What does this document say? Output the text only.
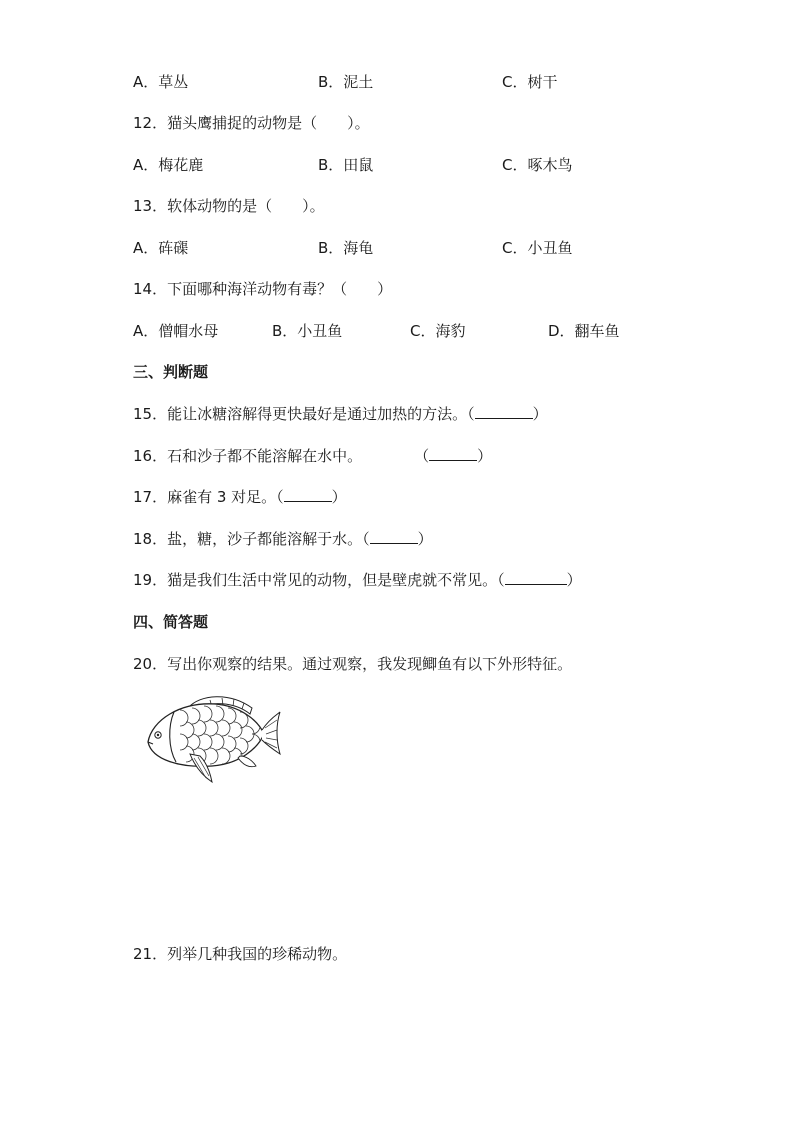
A．草丛	B．泥土	C．树干
12．猫头鹰捕捉的动物是（　　）。
A．梅花鹿	B．田鼠	C．啄木鸟
13．软体动物的是（　　）。
A．砗磲	B．海龟	C．小丑鱼
14．下面哪种海洋动物有毒？（　　）
A．僧帽水母	B．小丑鱼	C．海豹	D．翻车鱼
三、判断题
15．能让冰糖溶解得更快最好是通过加热的方法。（	）
16．石和沙子都不能溶解在水中。	（	）
17．麻雀有 3 对足。（	）
18．盐，糖，沙子都能溶解于水。（	）
19．猫是我们生活中常见的动物，但是壁虎就不常见。（	）
四、简答题
20．写出你观察的结果。通过观察，我发现鲫鱼有以下外形特征。
21．列举几种我国的珍稀动物。
